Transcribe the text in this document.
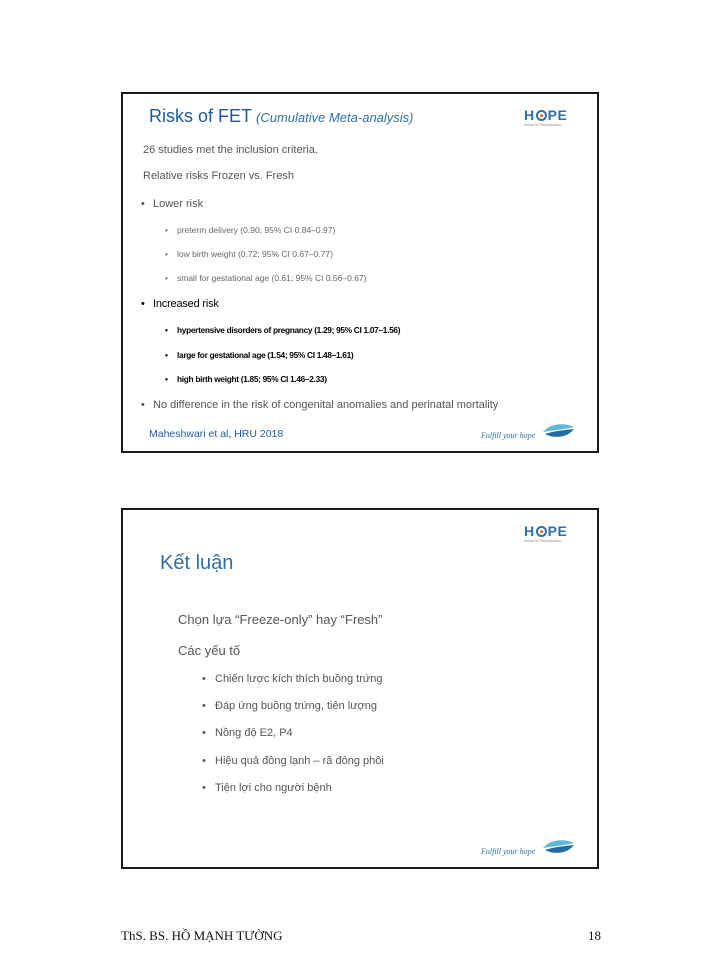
Risks of FET (Cumulative Meta-analysis)	H PE
House for Reproduction
26 studies met the inclusion criteria.
Relative risks Frozen vs. Fresh
• Lower risk
• preterm delivery (0.90; 95% CI 0.84–0.97)
• low birth weight (0.72; 95% CI 0.67–0.77)
• small for gestational age (0.61; 95% CI 0.56–0.67)
• Increased risk
• hypertensive disorders of pregnancy (1.29; 95% CI 1.07–1.56)
• large for gestational age (1.54; 95% CI 1.48–1.61)
• high birth weight (1.85; 95% CI 1.46–2.33)
• No difference in the risk of congenital anomalies and perinatal mortality
Maheshwari et al, HRU 2018	Fulfill your hope
H PE
House for Reproduction
Kết luận
Chọn lựa “Freeze-only” hay “Fresh”
Các yếu tố
• Chiến lược kích thích buồng trứng
• Đáp ứng buồng trứng, tiên lượng
• Nồng độ E2, P4
• Hiệu quả đông lạnh – rã đông phôi
• Tiện lợi cho người bệnh
Fulfill your hope
ThS. BS. HỒ MẠNH TƯỜNG	18
